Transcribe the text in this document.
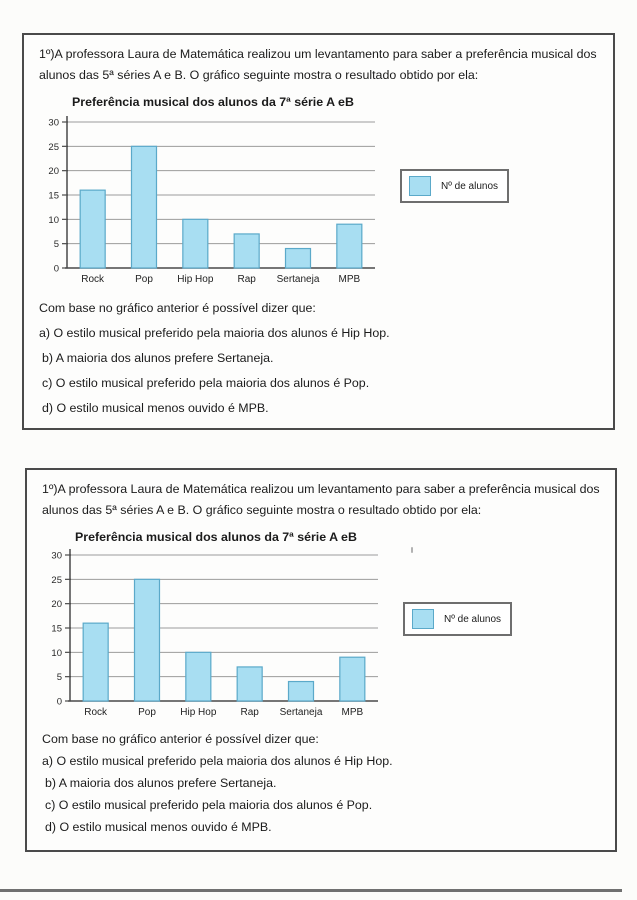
1º)A professora Laura de Matemática realizou um levantamento para saber a preferência musical dos alunos das 5ª séries A e B. O gráfico seguinte mostra o resultado obtido por ela:

Preferência musical dos alunos da 7ª série A eB
0
5
10
15
20
25
30
Rock	Pop Hip Hop Rap Sertaneja MPB
Nº de alunos

Com base no gráfico anterior é possível dizer que:

a) O estilo musical preferido pela maioria dos alunos é Hip Hop.

b) A maioria dos alunos prefere Sertaneja.

c) O estilo musical preferido pela maioria dos alunos é Pop.

d) O estilo musical menos ouvido é MPB.

1º)A professora Laura de Matemática realizou um levantamento para saber a preferência musical dos alunos das 5ª séries A e B. O gráfico seguinte mostra o resultado obtido por ela:

Preferência musical dos alunos da 7ª série A eB
0
5
10
15
20
25
30
Rock	Pop Hip Hop Rap Sertaneja MPB
Nº de alunos

Com base no gráfico anterior é possível dizer que:

a) O estilo musical preferido pela maioria dos alunos é Hip Hop.

b) A maioria dos alunos prefere Sertaneja.

c) O estilo musical preferido pela maioria dos alunos é Pop.

d) O estilo musical menos ouvido é MPB.
